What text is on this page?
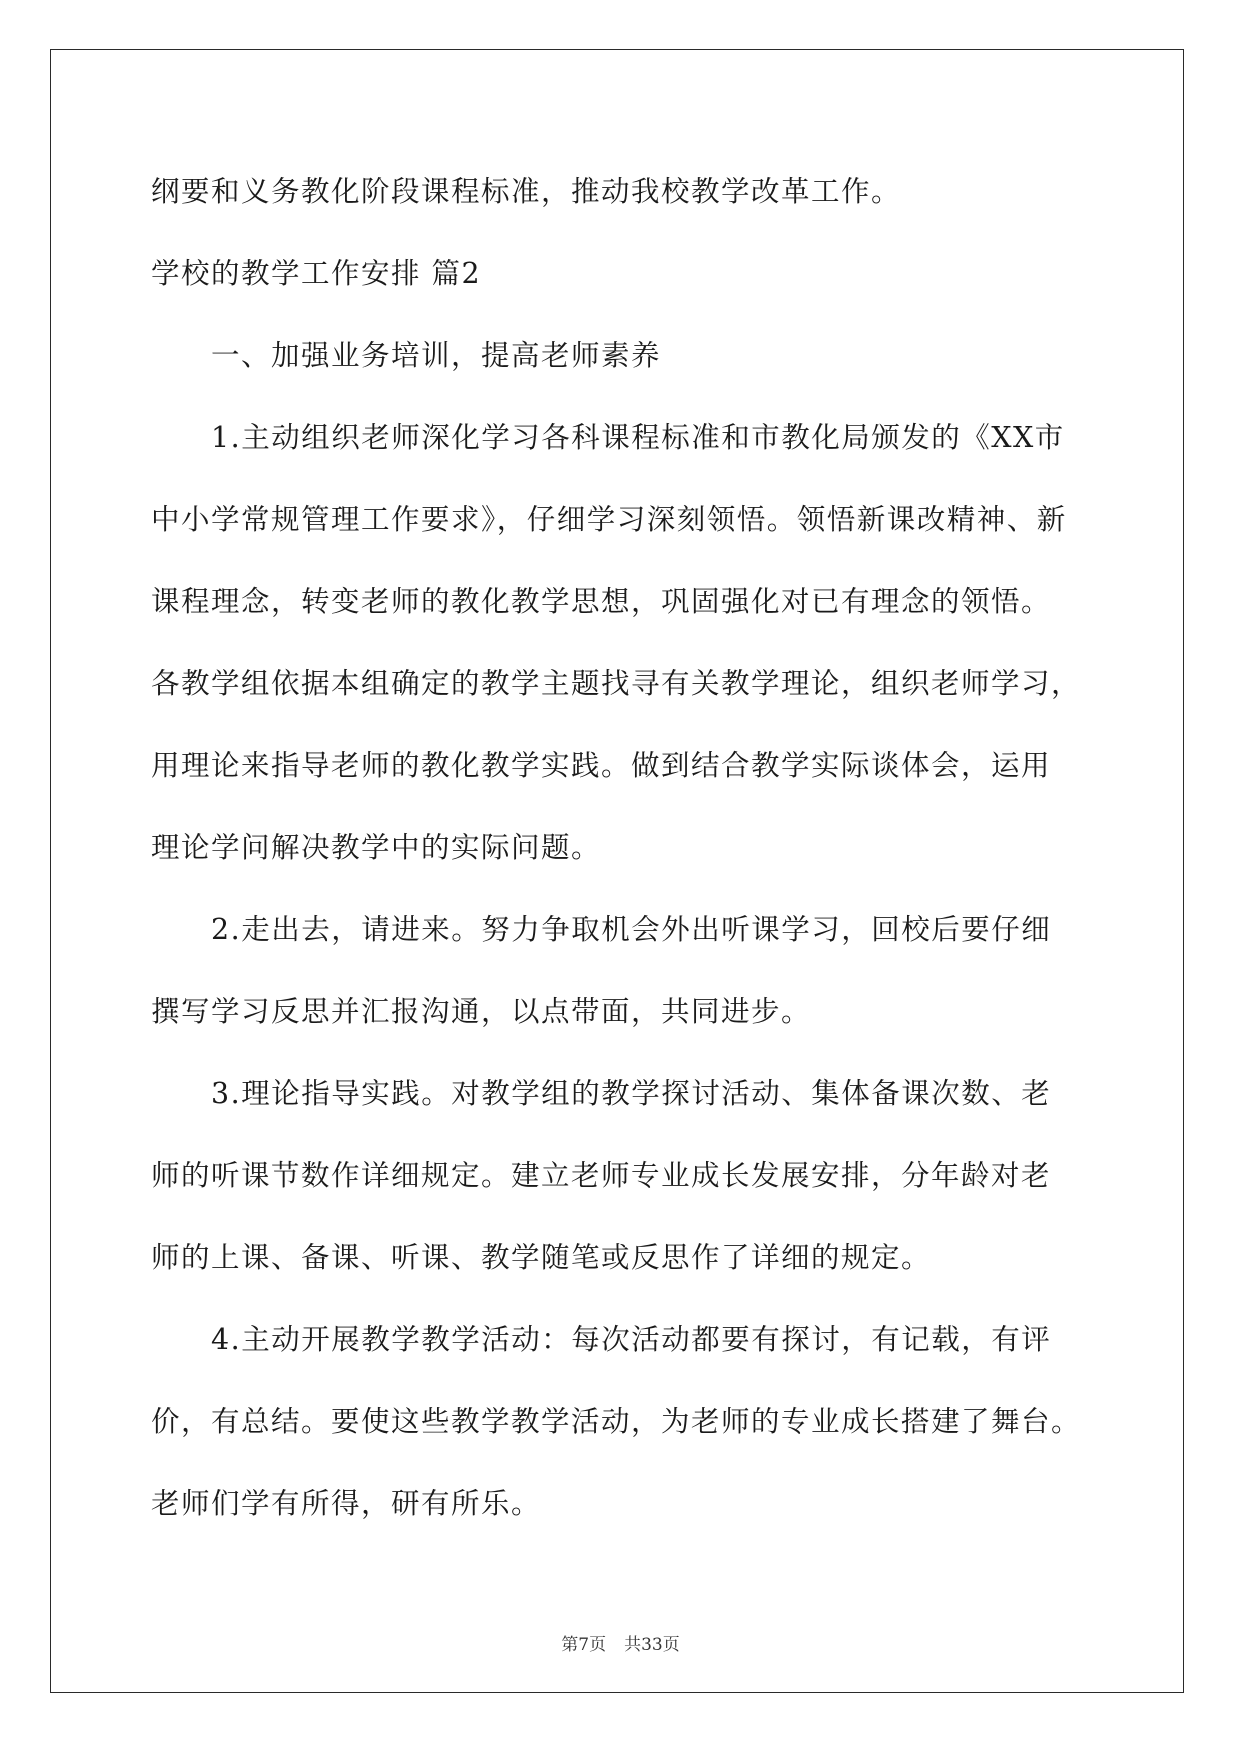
纲要和义务教化阶段课程标准，推动我校教学改革工作。
学校的教学工作安排 篇2
一、加强业务培训，提高老师素养
1.主动组织老师深化学习各科课程标准和市教化局颁发的《XX市
中小学常规管理工作要求》，仔细学习深刻领悟。领悟新课改精神、新
课程理念，转变老师的教化教学思想，巩固强化对已有理念的领悟。
各教学组依据本组确定的教学主题找寻有关教学理论，组织老师学习，
用理论来指导老师的教化教学实践。做到结合教学实际谈体会，运用
理论学问解决教学中的实际问题。
2.走出去，请进来。努力争取机会外出听课学习，回校后要仔细
撰写学习反思并汇报沟通，以点带面，共同进步。
3.理论指导实践。对教学组的教学探讨活动、集体备课次数、老
师的听课节数作详细规定。建立老师专业成长发展安排，分年龄对老
师的上课、备课、听课、教学随笔或反思作了详细的规定。
4.主动开展教学教学活动：每次活动都要有探讨，有记载，有评
价，有总结。要使这些教学教学活动，为老师的专业成长搭建了舞台。
老师们学有所得，研有所乐。
第7页 共33页
